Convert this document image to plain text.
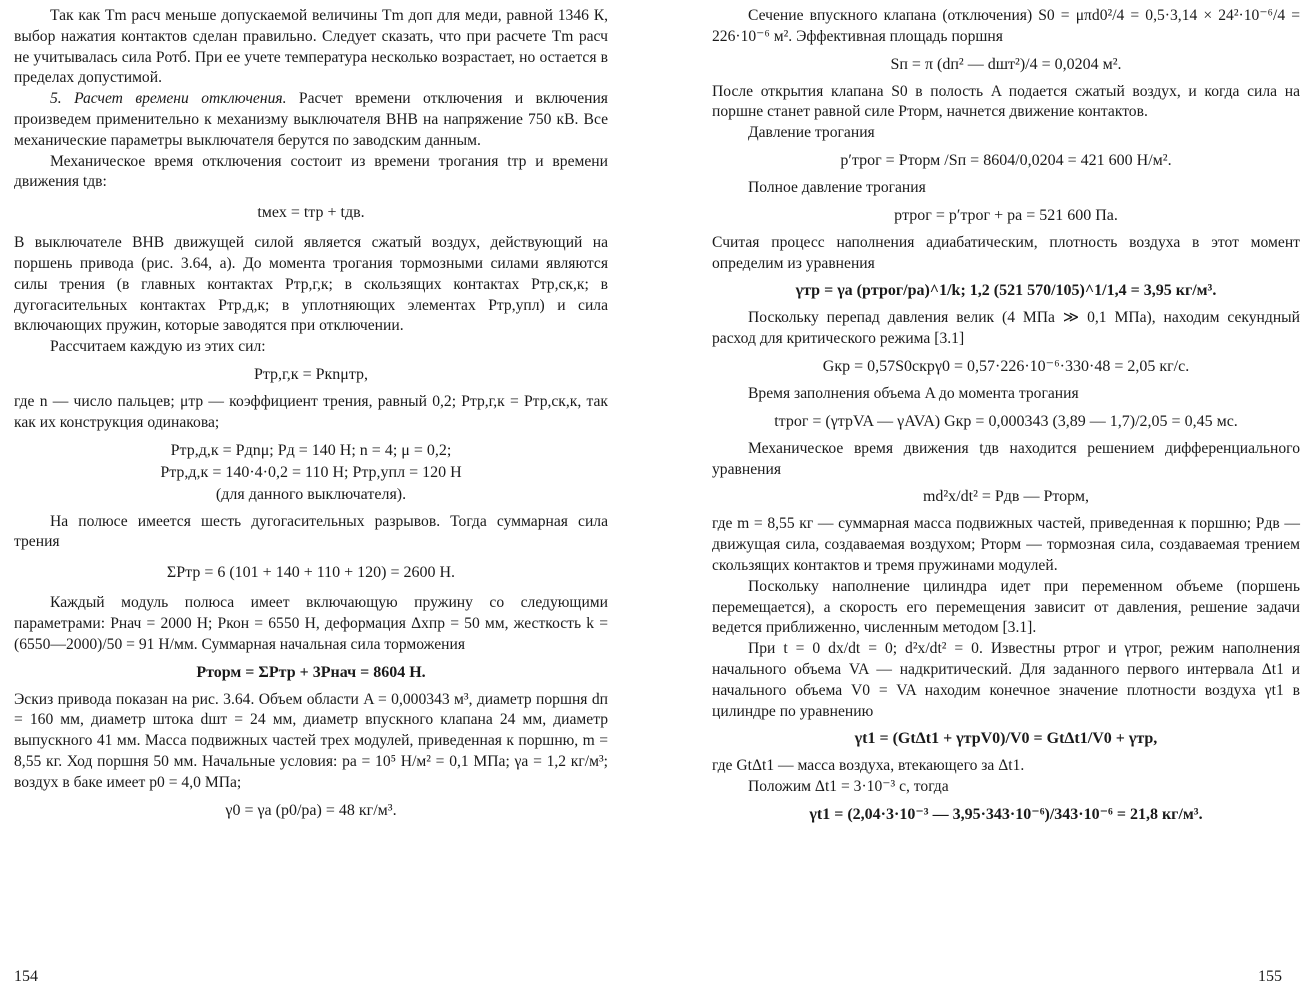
Так как Tm расч меньше допускаемой величины Tm доп для меди, равной 1346 К, выбор нажатия контактов сделан правильно. Следует сказать, что при расчете Tm расч не учитывалась сила Pотб. При ее учете температура несколько возрастает, но остается в пределах допустимой.

5. Расчет времени отключения. Расчет времени отключения и включения произведем применительно к механизму выключателя ВНВ на напряжение 750 кВ. Все механические параметры выключателя берутся по заводским данным.

Механическое время отключения состоит из времени трогания tтр и времени движения tдв:

tмех = tтр + tдв.

В выключателе ВНВ движущей силой является сжатый воздух, действующий на поршень привода (рис. 3.64, а). До момента трогания тормозными силами являются силы трения (в главных контактах Pтр,г,к; в скользящих контактах Pтр,ск,к; в дугогасительных контактах Pтр,д,к; в уплотняющих элементах Pтр,упл) и сила включающих пружин, которые заводятся при отключении.

Рассчитаем каждую из этих сил:

Pтр,г,к = Pкnμтр,

где n — число пальцев; μтр — коэффициент трения, равный 0,2; Pтр,г,к = Pтр,ск,к, так как их конструкция одинакова;

Pтр,д,к = Pдnμ; Pд = 140 Н; n = 4; μ = 0,2;
Pтр,д,к = 140·4·0,2 = 110 Н; Pтр,упл = 120 Н
(для данного выключателя).

На полюсе имеется шесть дугогасительных разрывов. Тогда суммарная сила трения

ΣPтр = 6 (101 + 140 + 110 + 120) = 2600 Н.

Каждый модуль полюса имеет включающую пружину со следующими параметрами: Pнач = 2000 Н; Pкон = 6550 Н, деформация Δxпр = 50 мм, жесткость k = (6550—2000)/50 = 91 Н/мм. Суммарная начальная сила торможения

Pторм = ΣPтр + 3Pнач = 8604 Н.

Эскиз привода показан на рис. 3.64. Объем области A = 0,000343 м³, диаметр поршня dп = 160 мм, диаметр штока dшт = 24 мм, диаметр впускного клапана 24 мм, диаметр выпускного 41 мм. Масса подвижных частей трех модулей, приведенная к поршню, m = 8,55 кг. Ход поршня 50 мм. Начальные условия: pа = 10⁵ Н/м² = 0,1 МПа; γа = 1,2 кг/м³; воздух в баке имеет p0 = 4,0 МПа;

γ0 = γа (p0/pа) = 48 кг/м³.

Сечение впускного клапана (отключения) S0 = μπd0²/4 = 0,5·3,14 × 24²·10⁻⁶/4 = 226·10⁻⁶ м². Эффективная площадь поршня

Sп = π (dп² — dшт²)/4 = 0,0204 м².

После открытия клапана S0 в полость A подается сжатый воздух, и когда сила на поршне станет равной силе Pторм, начнется движение контактов.

Давление трогания

p′трог = Pторм /Sп = 8604/0,0204 = 421 600 Н/м².

Полное давление трогания

pтрог = p′трог + pа = 521 600 Па.

Считая процесс наполнения адиабатическим, плотность воздуха в этот момент определим из уравнения

γтр = γа (pтрог/pа)^1/k; 1,2 (521 570/105)^1/1,4 = 3,95 кг/м³.

Поскольку перепад давления велик (4 МПа ≫ 0,1 МПа), находим секундный расход для критического режима [3.1]

Gкр = 0,57S0cкрγ0 = 0,57·226·10⁻⁶·330·48 = 2,05 кг/с.

Время заполнения объема A до момента трогания

tтрог = (γтрVA — γAVA) Gкр = 0,000343 (3,89 — 1,7)/2,05 = 0,45 мс.

Механическое время движения tдв находится решением дифференциального уравнения

md²x/dt² = Pдв — Pторм,

где m = 8,55 кг — суммарная масса подвижных частей, приведенная к поршню; Pдв — движущая сила, создаваемая воздухом; Pторм — тормозная сила, создаваемая трением скользящих контактов и тремя пружинами модулей.

Поскольку наполнение цилиндра идет при переменном объеме (поршень перемещается), а скорость его перемещения зависит от давления, решение задачи ведется приближенно, численным методом [3.1].

При t = 0 dx/dt = 0; d²x/dt² = 0. Известны pтрог и γтрог, режим наполнения начального объема VA — надкритический. Для заданного первого интервала Δt1 и начального объема V0 = VA находим конечное значение плотности воздуха γt1 в цилиндре по уравнению

γt1 = (GtΔt1 + γтрV0)/V0 = GtΔt1/V0 + γтр,

где GtΔt1 — масса воздуха, втекающего за Δt1.

Положим Δt1 = 3·10⁻³ с, тогда

γt1 = (2,04·3·10⁻³ — 3,95·343·10⁻⁶)/343·10⁻⁶ = 21,8 кг/м³.
154	155
